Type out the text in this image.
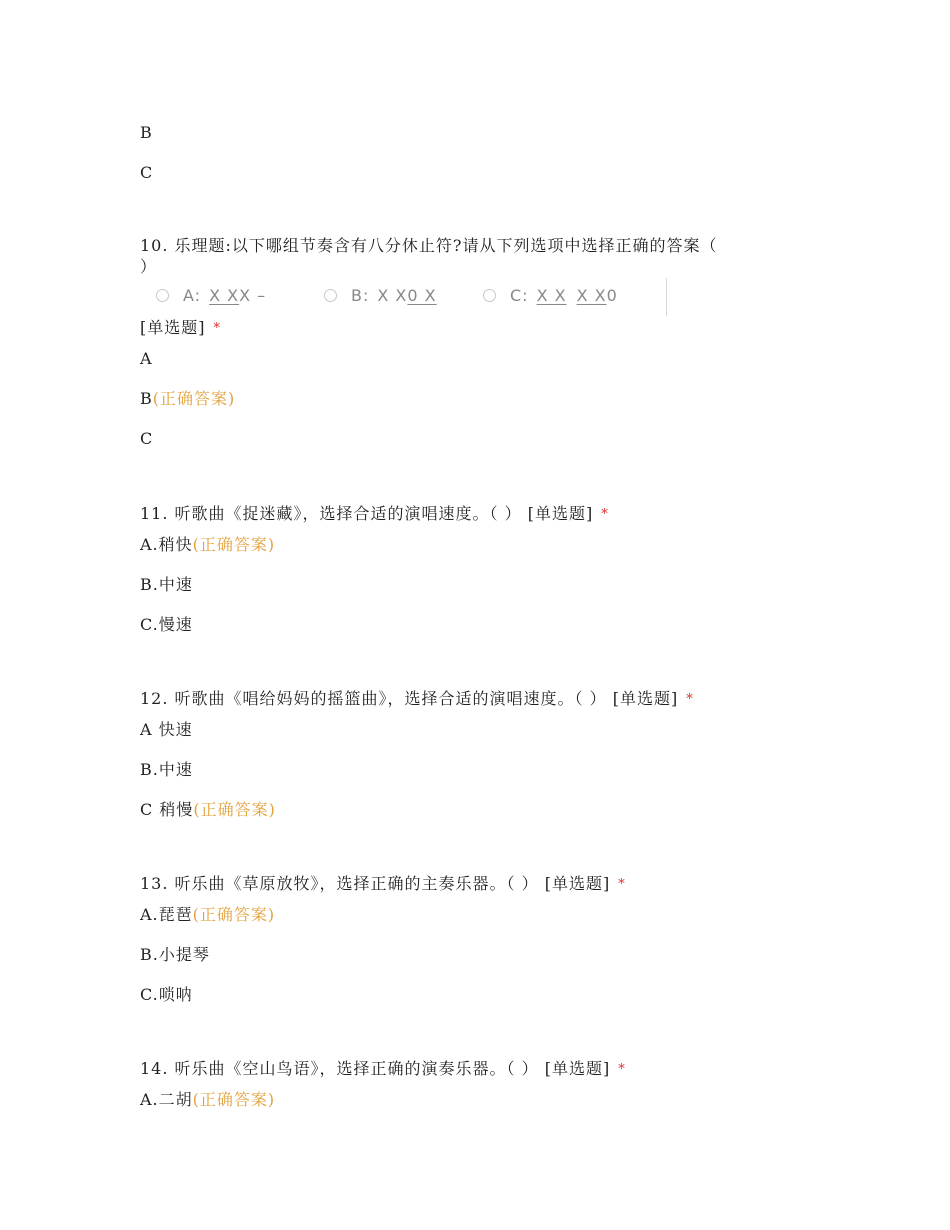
B
C
10. 乐理题:以下哪组节奏含有八分休止符?请从下列选项中选择正确的答案（
）
A: X X X –	B: X X 0 X	C: X X X X 0
[单选题] *
A
B(正确答案)
C
11. 听歌曲《捉迷藏》，选择合适的演唱速度。（ ） [单选题] *
A.稍快(正确答案)
B.中速
C.慢速
12. 听歌曲《唱给妈妈的摇篮曲》，选择合适的演唱速度。（ ） [单选题] *
A 快速
B.中速
C 稍慢(正确答案)
13. 听乐曲《草原放牧》，选择正确的主奏乐器。（ ） [单选题] *
A.琵琶(正确答案)
B.小提琴
C.唢呐
14. 听乐曲《空山鸟语》，选择正确的演奏乐器。（ ） [单选题] *
A.二胡(正确答案)
